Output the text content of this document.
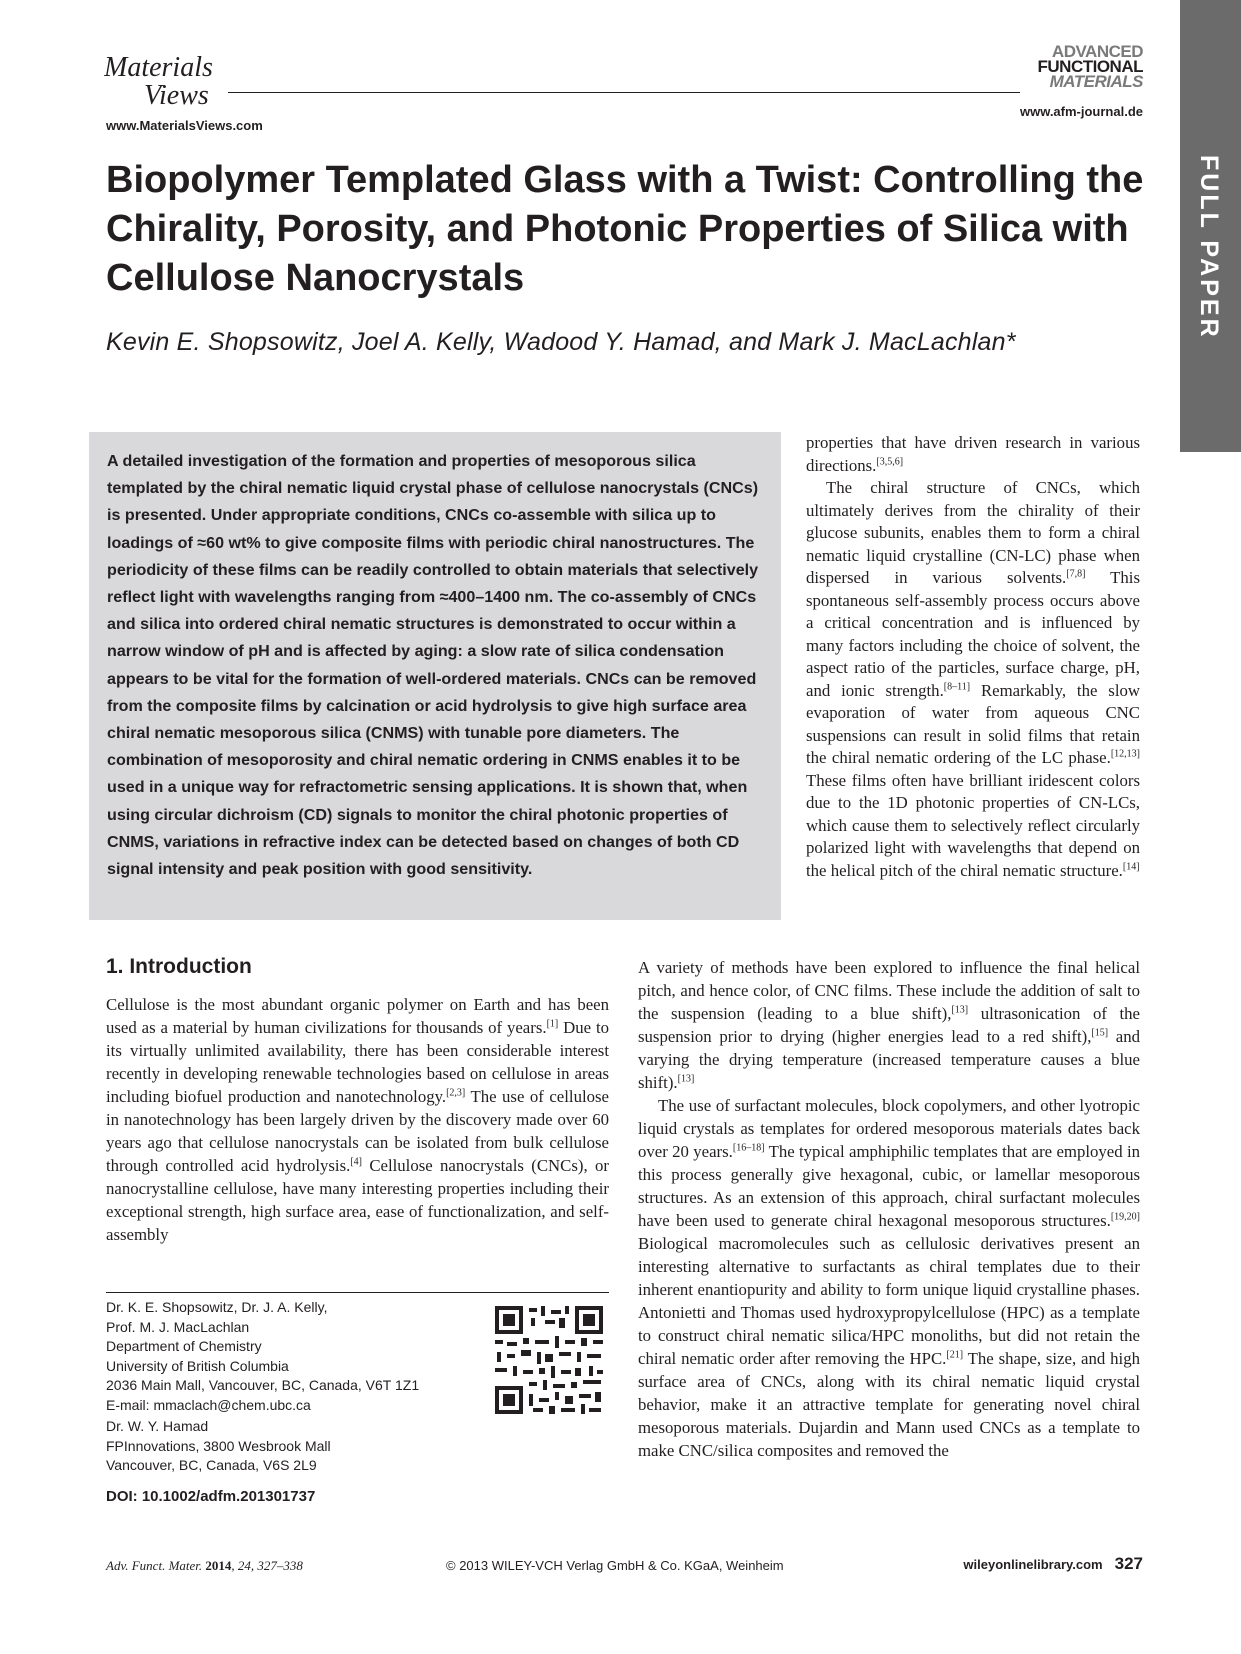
Materials
Views
www.MaterialsViews.com
ADVANCED
FUNCTIONAL
MATERIALS
www.afm-journal.de
FULL PAPER
Biopolymer Templated Glass with a Twist: Controlling the Chirality, Porosity, and Photonic Properties of Silica with Cellulose Nanocrystals
Kevin E. Shopsowitz, Joel A. Kelly, Wadood Y. Hamad, and Mark J. MacLachlan*
A detailed investigation of the formation and properties of mesoporous silica templated by the chiral nematic liquid crystal phase of cellulose nanocrystals (CNCs) is presented. Under appropriate conditions, CNCs co-assemble with silica up to loadings of ≈60 wt% to give composite films with periodic chiral nanostructures. The periodicity of these films can be readily controlled to obtain materials that selectively reflect light with wavelengths ranging from ≈400–1400 nm. The co-assembly of CNCs and silica into ordered chiral nematic structures is demonstrated to occur within a narrow window of pH and is affected by aging: a slow rate of silica condensation appears to be vital for the formation of well-ordered materials. CNCs can be removed from the composite films by calcination or acid hydrolysis to give high surface area chiral nematic mesoporous silica (CNMS) with tunable pore diameters. The combination of mesoporosity and chiral nematic ordering in CNMS enables it to be used in a unique way for refractometric sensing applications. It is shown that, when using circular dichroism (CD) signals to monitor the chiral photonic properties of CNMS, variations in refractive index can be detected based on changes of both CD signal intensity and peak position with good sensitivity.

properties that have driven research in various directions.[3,5,6]

The chiral structure of CNCs, which ultimately derives from the chirality of their glucose subunits, enables them to form a chiral nematic liquid crystalline (CN-LC) phase when dispersed in various solvents.[7,8] This spontaneous self-assembly process occurs above a critical concentration and is influenced by many factors including the choice of solvent, the aspect ratio of the particles, surface charge, pH, and ionic strength.[8–11] Remarkably, the slow evaporation of water from aqueous CNC suspensions can result in solid films that retain the chiral nematic ordering of the LC phase.[12,13] These films often have brilliant iridescent colors due to the 1D photonic properties of CN-LCs, which cause them to selectively reflect circularly polarized light with wavelengths that depend on the helical pitch of the chiral nematic structure.[14]

A variety of methods have been explored to influence the final helical pitch, and hence color, of CNC films. These include the addition of salt to the suspension (leading to a blue shift),[13] ultrasonication of the suspension prior to drying (higher energies lead to a red shift),[15] and varying the drying temperature (increased temperature causes a blue shift).[13]

The use of surfactant molecules, block copolymers, and other lyotropic liquid crystals as templates for ordered mesoporous materials dates back over 20 years.[16–18] The typical amphiphilic templates that are employed in this process generally give hexagonal, cubic, or lamellar mesoporous structures. As an extension of this approach, chiral surfactant molecules have been used to generate chiral hexagonal mesoporous structures.[19,20] Biological macromolecules such as cellulosic derivatives present an interesting alternative to surfactants as chiral templates due to their inherent enantiopurity and ability to form unique liquid crystalline phases. Antonietti and Thomas used hydroxypropylcellulose (HPC) as a template to construct chiral nematic silica/HPC monoliths, but did not retain the chiral nematic order after removing the HPC.[21] The shape, size, and high surface area of CNCs, along with its chiral nematic liquid crystal behavior, make it an attractive template for generating novel chiral mesoporous materials. Dujardin and Mann used CNCs as a template to make CNC/silica composites and removed the

1. Introduction

Cellulose is the most abundant organic polymer on Earth and has been used as a material by human civilizations for thousands of years.[1] Due to its virtually unlimited availability, there has been considerable interest recently in developing renewable technologies based on cellulose in areas including biofuel production and nanotechnology.[2,3] The use of cellulose in nanotechnology has been largely driven by the discovery made over 60 years ago that cellulose nanocrystals can be isolated from bulk cellulose through controlled acid hydrolysis.[4] Cellulose nanocrystals (CNCs), or nanocrystalline cellulose, have many interesting properties including their exceptional strength, high surface area, ease of functionalization, and self-assembly

Dr. K. E. Shopsowitz, Dr. J. A. Kelly,
Prof. M. J. MacLachlan
Department of Chemistry
University of British Columbia
2036 Main Mall, Vancouver, BC, Canada, V6T 1Z1
E-mail: mmaclach@chem.ubc.ca
Dr. W. Y. Hamad
FPInnovations, 3800 Wesbrook Mall
Vancouver, BC, Canada, V6S 2L9
DOI: 10.1002/adfm.201301737
Adv. Funct. Mater. 2014, 24, 327–338	© 2013 WILEY-VCH Verlag GmbH & Co. KGaA, Weinheim	wileyonlinelibrary.com 327
